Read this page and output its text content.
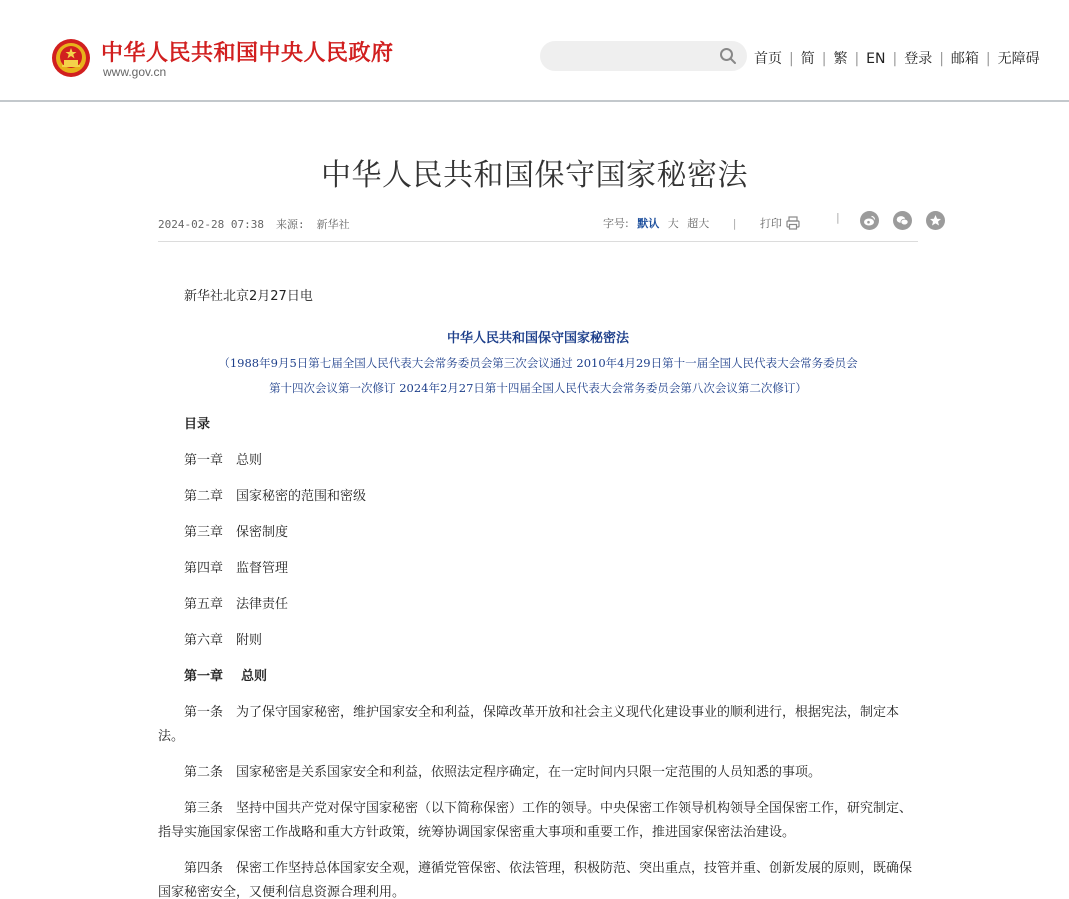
中华人民共和国中央人民政府
www.gov.cn
首页 | 简 | 繁 | EN | 登录 | 邮箱 | 无障碍
中华人民共和国保守国家秘密法
2024-02-28 07:38 来源: 新华社	字号: 默认 大 超大 | 打印	|

新华社北京2月27日电

中华人民共和国保守国家秘密法

（1988年9月5日第七届全国人民代表大会常务委员会第三次会议通过 2010年4月29日第十一届全国人民代表大会常务委员会
第十四次会议第一次修订 2024年2月27日第十四届全国人民代表大会常务委员会第八次会议第二次修订）

目录

第一章 总则

第二章 国家秘密的范围和密级

第三章 保密制度

第四章 监督管理

第五章 法律责任

第六章 附则

第一章 总则

第一条 为了保守国家秘密，维护国家安全和利益，保障改革开放和社会主义现代化建设事业的顺利进行，根据宪法，制定本法。

第二条 国家秘密是关系国家安全和利益，依照法定程序确定，在一定时间内只限一定范围的人员知悉的事项。

第三条 坚持中国共产党对保守国家秘密（以下简称保密）工作的领导。中央保密工作领导机构领导全国保密工作，研究制定、指导实施国家保密工作战略和重大方针政策，统筹协调国家保密重大事项和重要工作，推进国家保密法治建设。

第四条 保密工作坚持总体国家安全观，遵循党管保密、依法管理，积极防范、突出重点，技管并重、创新发展的原则，既确保国家秘密安全，又便利信息资源合理利用。
